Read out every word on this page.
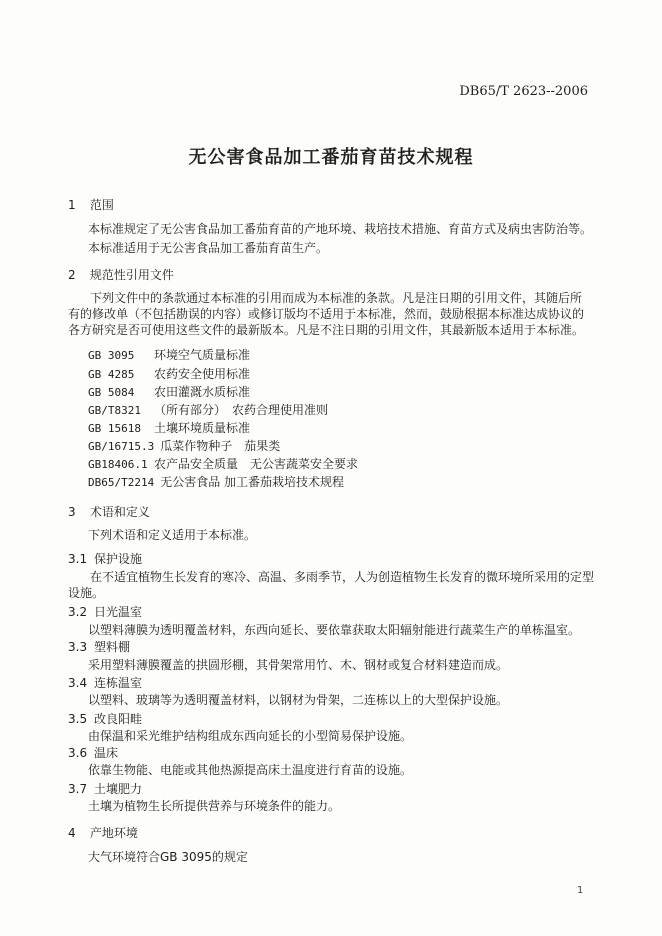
DB65/T 2623--2006
无公害食品加工番茄育苗技术规程
1 范围
本标准规定了无公害食品加工番茄育苗的产地环境、栽培技术措施、育苗方式及病虫害防治等。
本标准适用于无公害食品加工番茄育苗生产。
2 规范性引用文件
下列文件中的条款通过本标准的引用而成为本标准的条款。凡是注日期的引用文件，其随后所有的修改单（不包括勘误的内容）或修订版均不适用于本标准，然而，鼓励根据本标准达成协议的各方研究是否可使用这些文件的最新版本。凡是不注日期的引用文件，其最新版本适用于本标准。
GB 3095 环境空气质量标准
GB 4285 农药安全使用标准
GB 5084 农田灌溉水质标准
GB/T8321 （所有部分）　农药合理使用准则
GB 15618 土壤环境质量标准
GB/16715.3 瓜菜作物种子　茄果类
GB18406.1 农产品安全质量　无公害蔬菜安全要求
DB65/T2214 无公害食品 加工番茄栽培技术规程
3 术语和定义
下列术语和定义适用于本标准。
3.1 保护设施
在不适宜植物生长发育的寒冷、高温、多雨季节，人为创造植物生长发育的微环境所采用的定型设施。
3.2 日光温室
以塑料薄膜为透明覆盖材料，东西向延长、要依靠获取太阳辐射能进行蔬菜生产的单栋温室。
3.3 塑料棚
采用塑料薄膜覆盖的拱圆形棚，其骨架常用竹、木、钢材或复合材料建造而成。
3.4 连栋温室
以塑料、玻璃等为透明覆盖材料，以钢材为骨架，二连栋以上的大型保护设施。
3.5 改良阳畦
由保温和采光维护结构组成东西向延长的小型简易保护设施。
3.6 温床
依靠生物能、电能或其他热源提高床土温度进行育苗的设施。
3.7 土壤肥力
土壤为植物生长所提供营养与环境条件的能力。
4 产地环境
大气环境符合GB 3095的规定
1
